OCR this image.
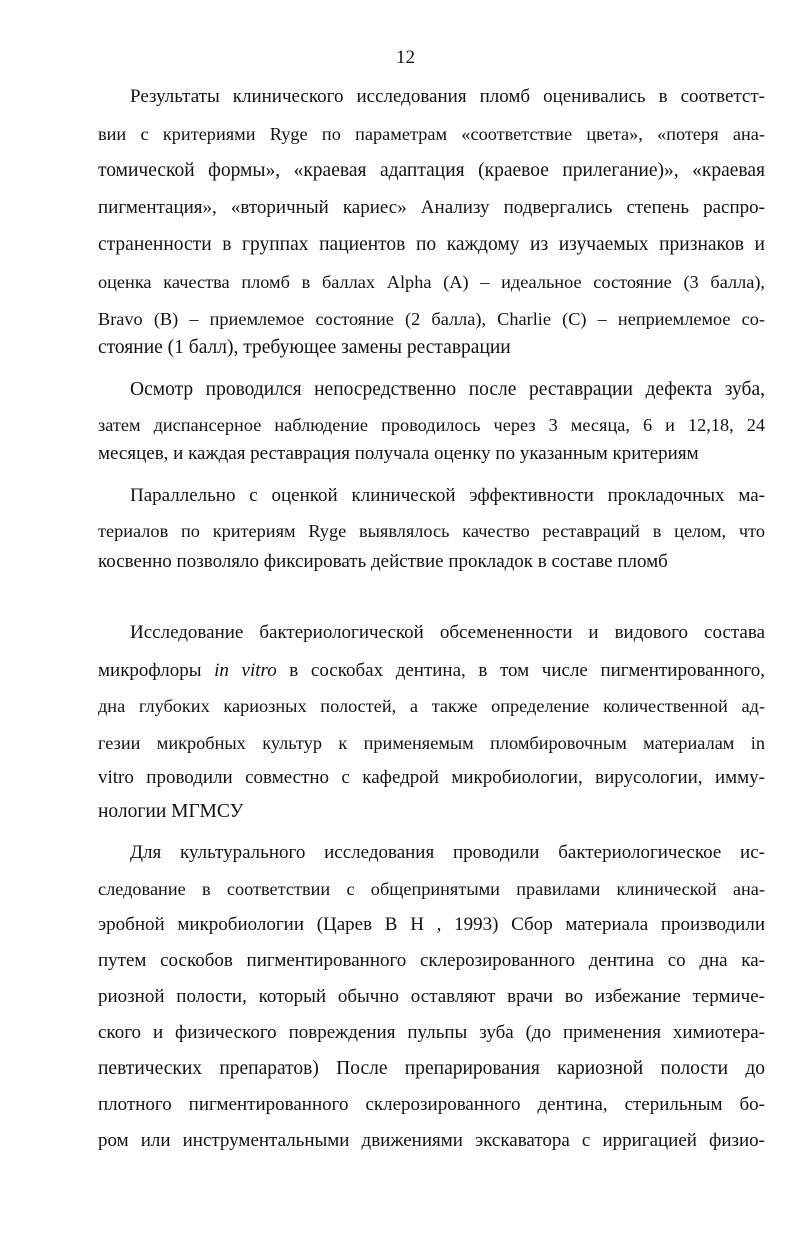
12
Результаты клинического исследования пломб оценивались в соответст-
вии с критериями Ryge по параметрам «соответствие цвета», «потеря ана-
томической формы», «краевая адаптация (краевое прилегание)», «краевая
пигментация», «вторичный кариес» Анализу подвергались степень распро-
страненности в группах пациентов по каждому из изучаемых признаков и
оценка качества пломб в баллах Alpha (A) – идеальное состояние (3 балла),
Bravo (B) – приемлемое состояние (2 балла), Charlie (C) – неприемлемое со-
стояние (1 балл), требующее замены реставрации
Осмотр проводился непосредственно после реставрации дефекта зуба,
затем диспансерное наблюдение проводилось через 3 месяца, 6 и 12,18, 24
месяцев, и каждая реставрация получала оценку по указанным критериям
Параллельно с оценкой клинической эффективности прокладочных ма-
териалов по критериям Ryge выявлялось качество реставраций в целом, что
косвенно позволяло фиксировать действие прокладок в составе пломб
Исследование бактериологической обсемененности и видового состава
микрофлоры in vitro в соскобах дентина, в том числе пигментированного,
дна глубоких кариозных полостей, а также определение количественной ад-
гезии микробных культур к применяемым пломбировочным материалам in
vitro проводили совместно с кафедрой микробиологии, вирусологии, имму-
нологии МГМСУ
Для культурального исследования проводили бактериологическое ис-
следование в соответствии с общепринятыми правилами клинической ана-
эробной микробиологии (Царев В Н , 1993) Сбор материала производили
путем соскобов пигментированного склерозированного дентина со дна ка-
риозной полости, который обычно оставляют врачи во избежание термиче-
ского и физического повреждения пульпы зуба (до применения химиотера-
певтических препаратов) После препарирования кариозной полости до
плотного пигментированного склерозированного дентина, стерильным бо-
ром или инструментальными движениями экскаватора с ирригацией физио-
